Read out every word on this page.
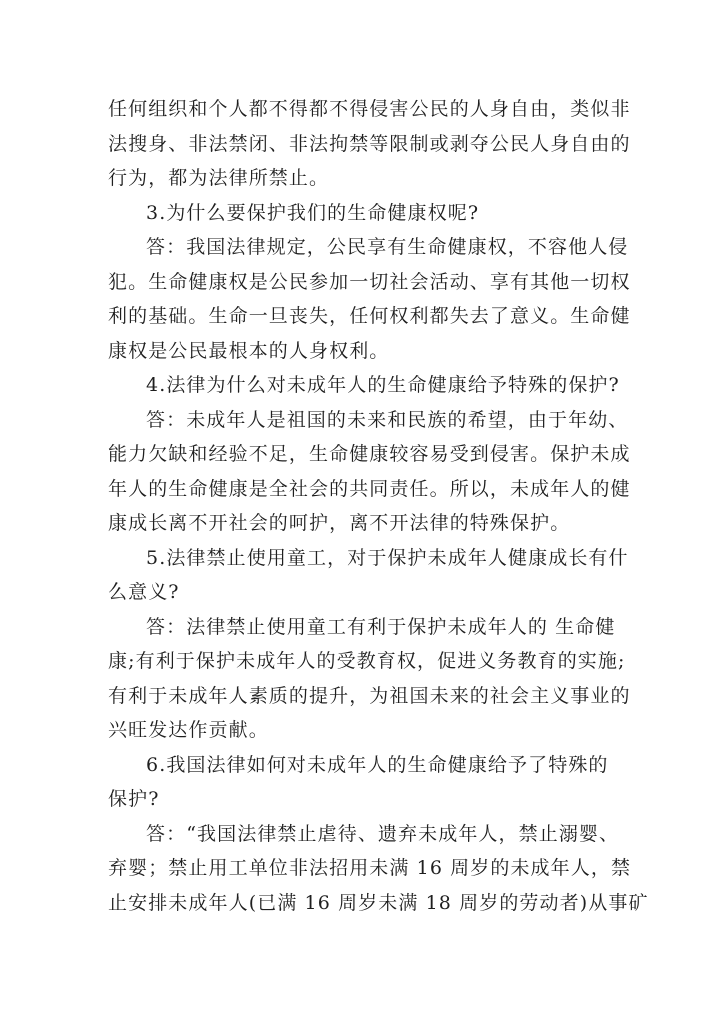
任何组织和个人都不得都不得侵害公民的人身自由，类似非
法搜身、非法禁闭、非法拘禁等限制或剥夺公民人身自由的
行为，都为法律所禁止。
3.为什么要保护我们的生命健康权呢?
答：我国法律规定，公民享有生命健康权，不容他人侵
犯。生命健康权是公民参加一切社会活动、享有其他一切权
利的基础。生命一旦丧失，任何权利都失去了意义。生命健
康权是公民最根本的人身权利。
4.法律为什么对未成年人的生命健康给予特殊的保护?
答：未成年人是祖国的未来和民族的希望，由于年幼、
能力欠缺和经验不足，生命健康较容易受到侵害。保护未成
年人的生命健康是全社会的共同责任。所以，未成年人的健
康成长离不开社会的呵护，离不开法律的特殊保护。
5.法律禁止使用童工，对于保护未成年人健康成长有什
么意义?
答：法律禁止使用童工有利于保护未成年人的 生命健
康;有利于保护未成年人的受教育权，促进义务教育的实施;
有利于未成年人素质的提升，为祖国未来的社会主义事业的
兴旺发达作贡献。
6.我国法律如何对未成年人的生命健康给予了特殊的
保护?
答：“我国法律禁止虐待、遗弃未成年人，禁止溺婴、
弃婴；禁止用工单位非法招用未满 16 周岁的未成年人，禁
止安排未成年人(已满 16 周岁未满 18 周岁的劳动者)从事矿
